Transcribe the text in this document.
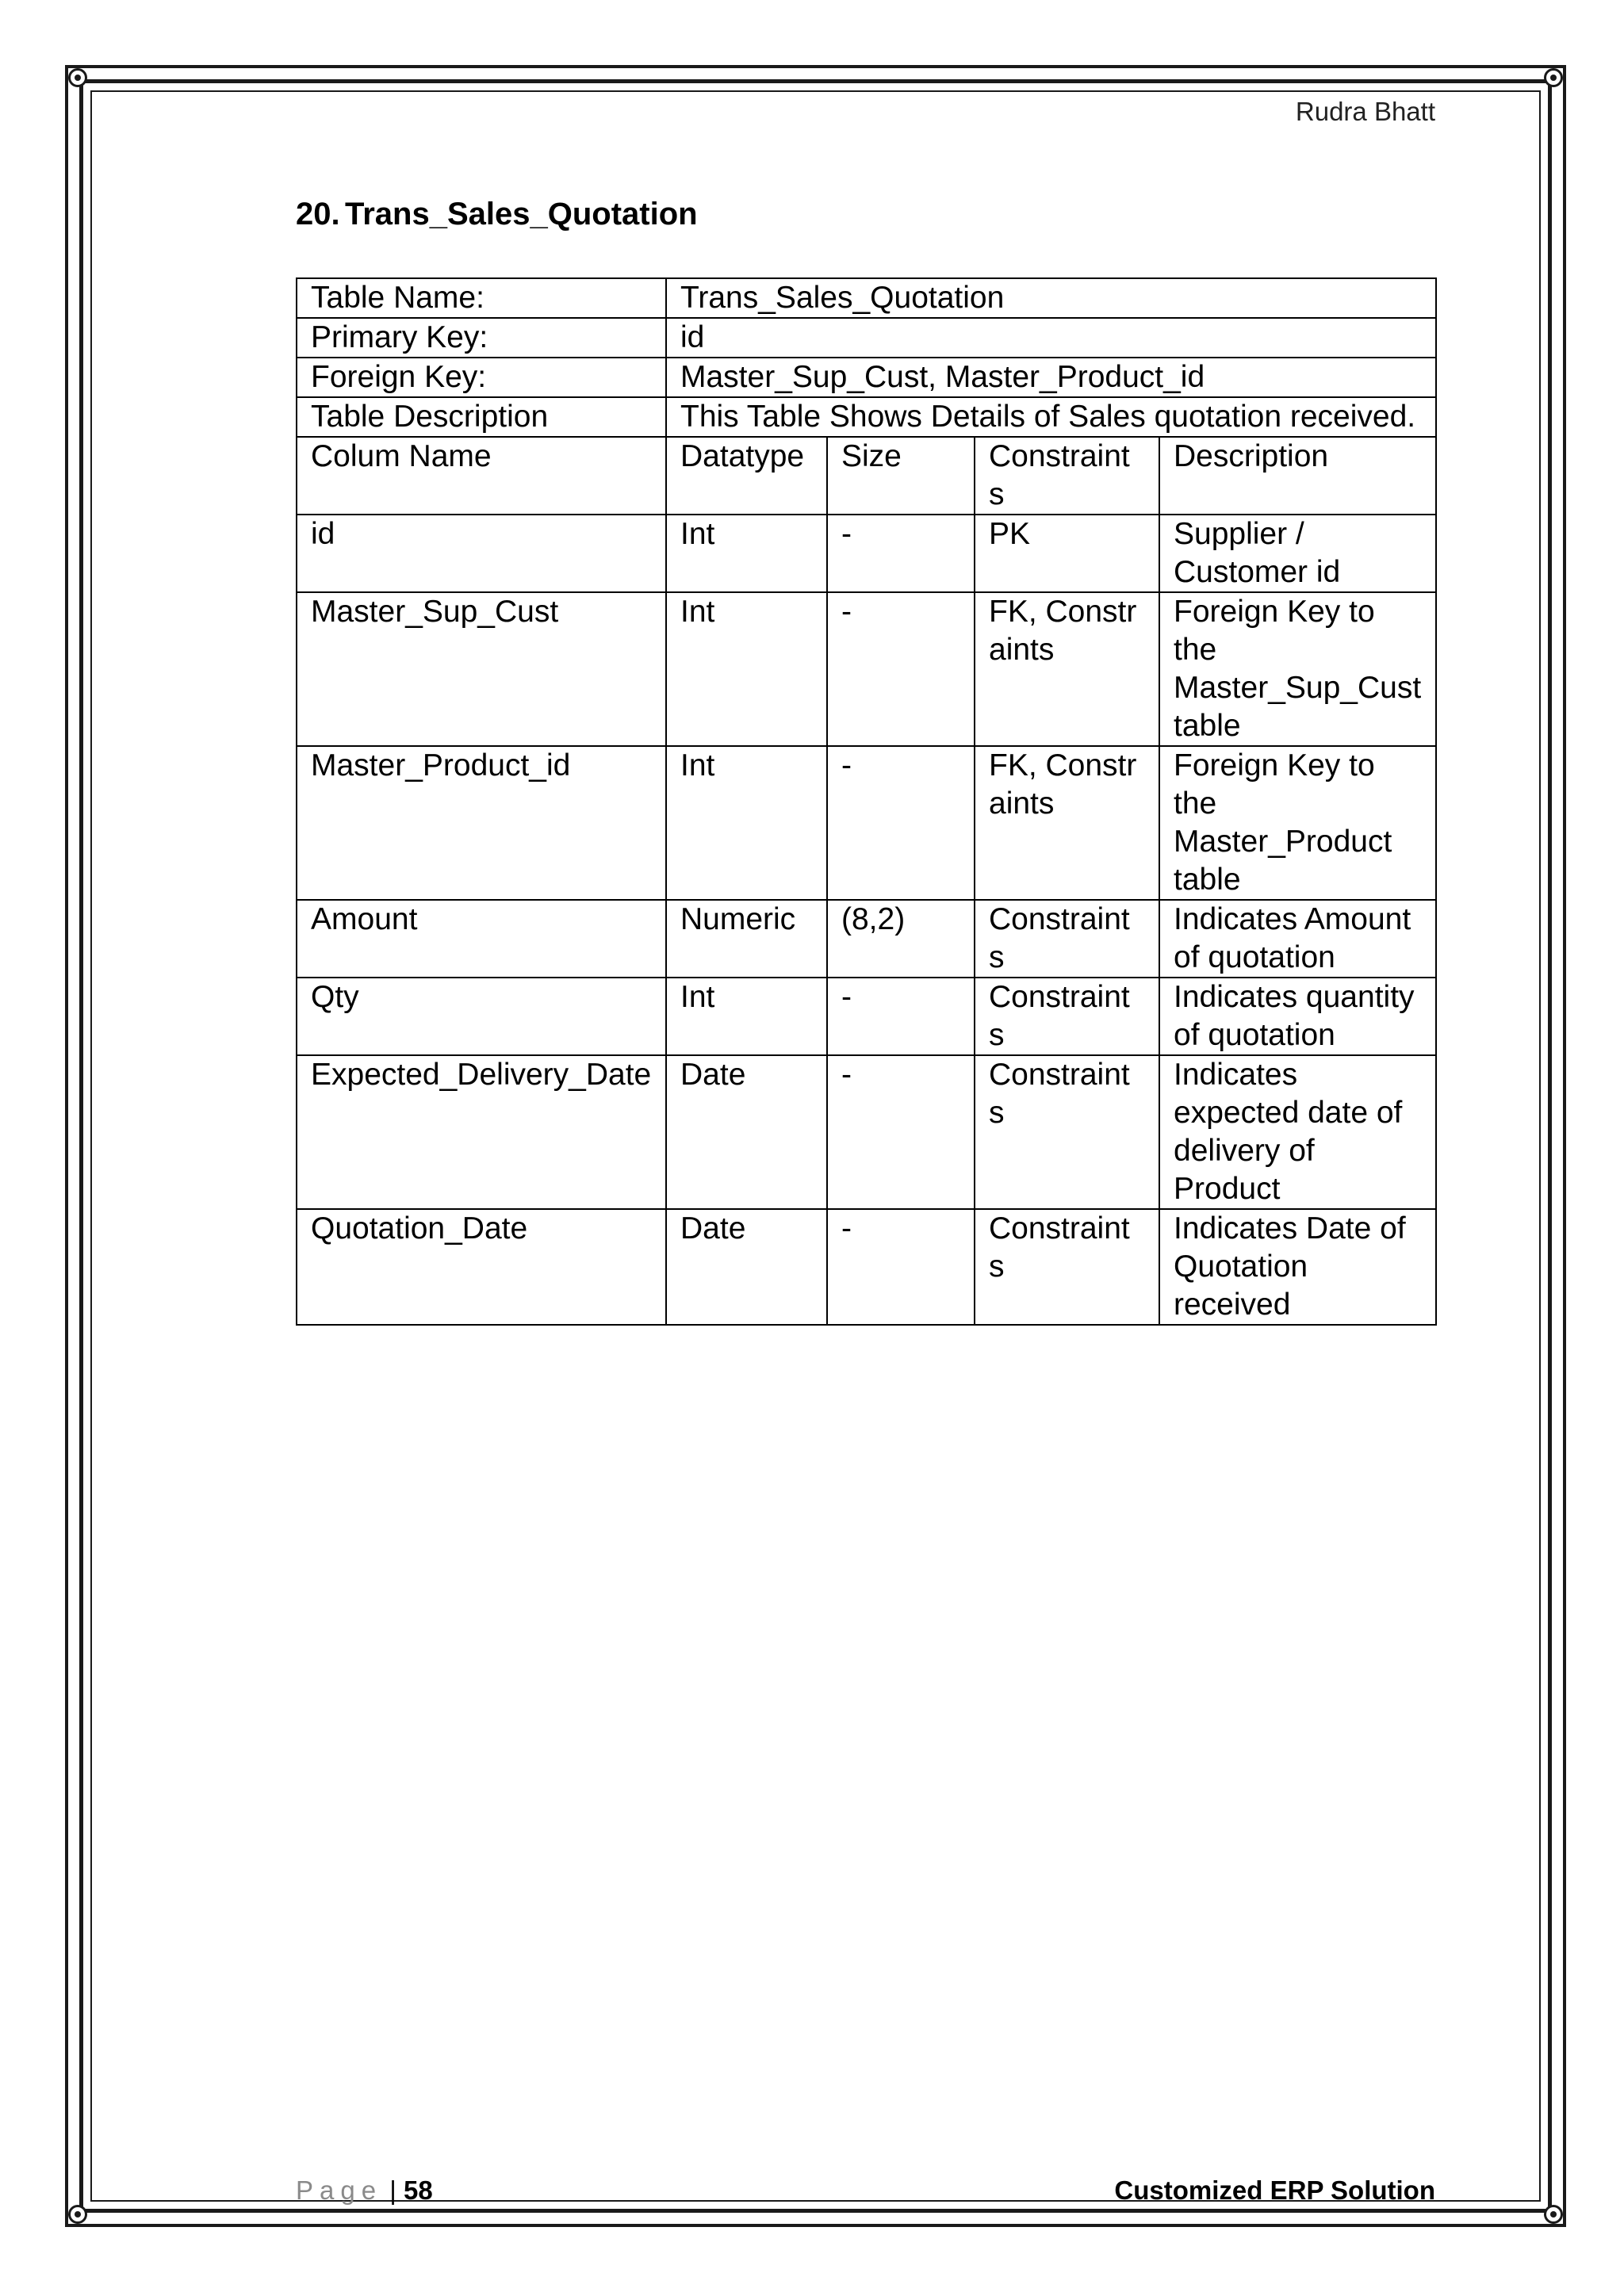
Rudra Bhatt
20. Trans_Sales_Quotation
Table Name:	Trans_Sales_Quotation			
Primary Key:	id			
Foreign Key:	Master_Sup_Cust, Master_Product_id			
Table Description	This Table Shows Details of Sales quotation received.			
Colum Name	Datatype	Size	Constraints	Description
id	Int	-	PK	Supplier / Customer id
Master_Sup_Cust	Int	-	FK, Constraints	Foreign Key to the Master_Sup_Cust table
Master_Product_id	Int	-	FK, Constraints	Foreign Key to the Master_Product table
Amount	Numeric	(8,2)	Constraints	Indicates Amount of quotation
Qty	Int	-	Constraints	Indicates quantity of quotation
Expected_Delivery_Date	Date	-	Constraints	Indicates expected date of delivery of Product
Quotation_Date	Date	-	Constraints	Indicates Date of Quotation received
Page | 58	Customized ERP Solution
